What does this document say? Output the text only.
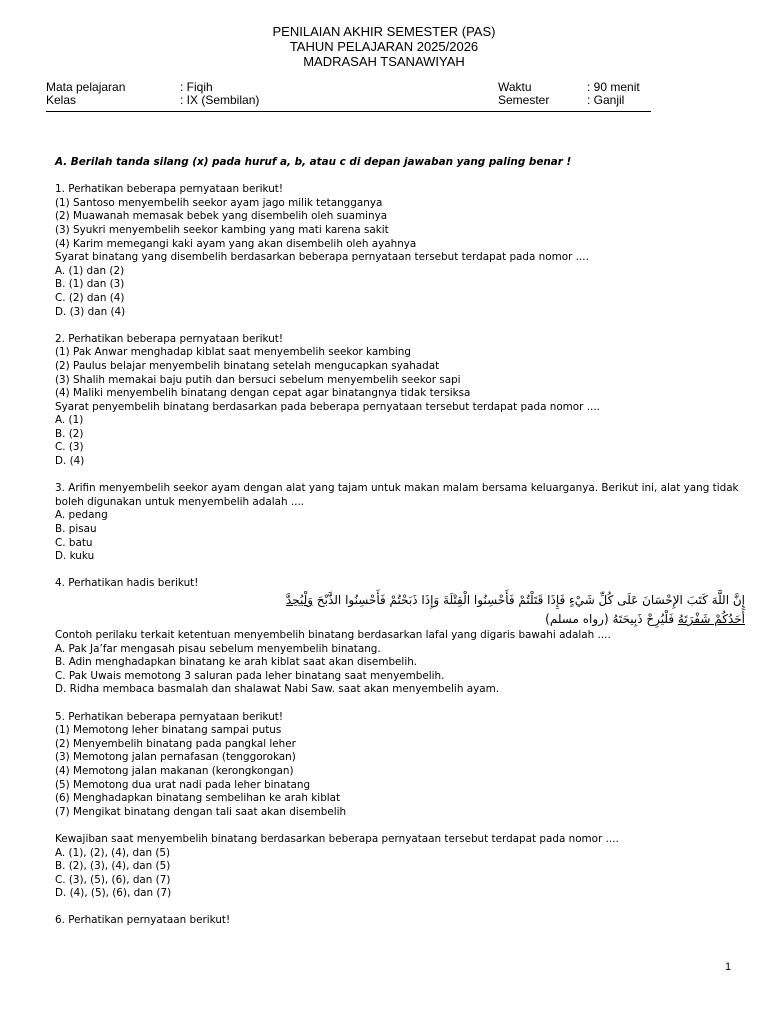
PENILAIAN AKHIR SEMESTER (PAS)
TAHUN PELAJARAN 2025/2026
MADRASAH TSANAWIYAH
Mata pelajaran	: Fiqih	Waktu	: 90 menit
Kelas	: IX (Sembilan)	Semester	: Ganjil

A. Berilah tanda silang (x) pada huruf a, b, atau c di depan jawaban yang paling benar !

1. Perhatikan beberapa pernyataan berikut!

(1) Santoso menyembelih seekor ayam jago milik tetangganya

(2) Muawanah memasak bebek yang disembelih oleh suaminya

(3) Syukri menyembelih seekor kambing yang mati karena sakit

(4) Karim memegangi kaki ayam yang akan disembelih oleh ayahnya

Syarat binatang yang disembelih berdasarkan beberapa pernyataan tersebut terdapat pada nomor ....

A. (1) dan (2)

B. (1) dan (3)

C. (2) dan (4)

D. (3) dan (4)

2. Perhatikan beberapa pernyataan berikut!

(1) Pak Anwar menghadap kiblat saat menyembelih seekor kambing

(2) Paulus belajar menyembelih binatang setelah mengucapkan syahadat

(3) Shalih memakai baju putih dan bersuci sebelum menyembelih seekor sapi

(4) Maliki menyembelih binatang dengan cepat agar binatangnya tidak tersiksa

Syarat penyembelih binatang berdasarkan pada beberapa pernyataan tersebut terdapat pada nomor ....

A. (1)

B. (2)

C. (3)

D. (4)

3. Arifin menyembelih seekor ayam dengan alat yang tajam untuk makan malam bersama keluarganya. Berikut ini, alat yang tidak boleh digunakan untuk menyembelih adalah ....

A. pedang

B. pisau

C. batu

D. kuku

4. Perhatikan hadis berikut!

إِنَّ اللَّهَ كَتَبَ الإِحْسَانَ عَلَى كُلِّ شَيْءٍ فَإِذَا قَتَلْتُمْ فَأَحْسِنُوا الْقِتْلَةَ وَإِذَا ذَبَحْتُمْ فَأَحْسِنُوا الذَّبْحَ وَلْيُحِدَّ
أَحَدُكُمْ شَفْرَتَهُ فَلْيُرِحْ ذَبِيحَتَهُ (رواه مسلم)

Contoh perilaku terkait ketentuan menyembelih binatang berdasarkan lafal yang digaris bawahi adalah ....

A. Pak Ja’far mengasah pisau sebelum menyembelih binatang.

B. Adin menghadapkan binatang ke arah kiblat saat akan disembelih.

C. Pak Uwais memotong 3 saluran pada leher binatang saat menyembelih.

D. Ridha membaca basmalah dan shalawat Nabi Saw. saat akan menyembelih ayam.

5. Perhatikan beberapa pernyataan berikut!

(1) Memotong leher binatang sampai putus

(2) Menyembelih binatang pada pangkal leher

(3) Memotong jalan pernafasan (tenggorokan)

(4) Memotong jalan makanan (kerongkongan)

(5) Memotong dua urat nadi pada leher binatang

(6) Menghadapkan binatang sembelihan ke arah kiblat

(7) Mengikat binatang dengan tali saat akan disembelih

Kewajiban saat menyembelih binatang berdasarkan beberapa pernyataan tersebut terdapat pada nomor ....

A. (1), (2), (4), dan (5)

B. (2), (3), (4), dan (5)

C. (3), (5), (6), dan (7)

D. (4), (5), (6), dan (7)

6. Perhatikan pernyataan berikut!

1
